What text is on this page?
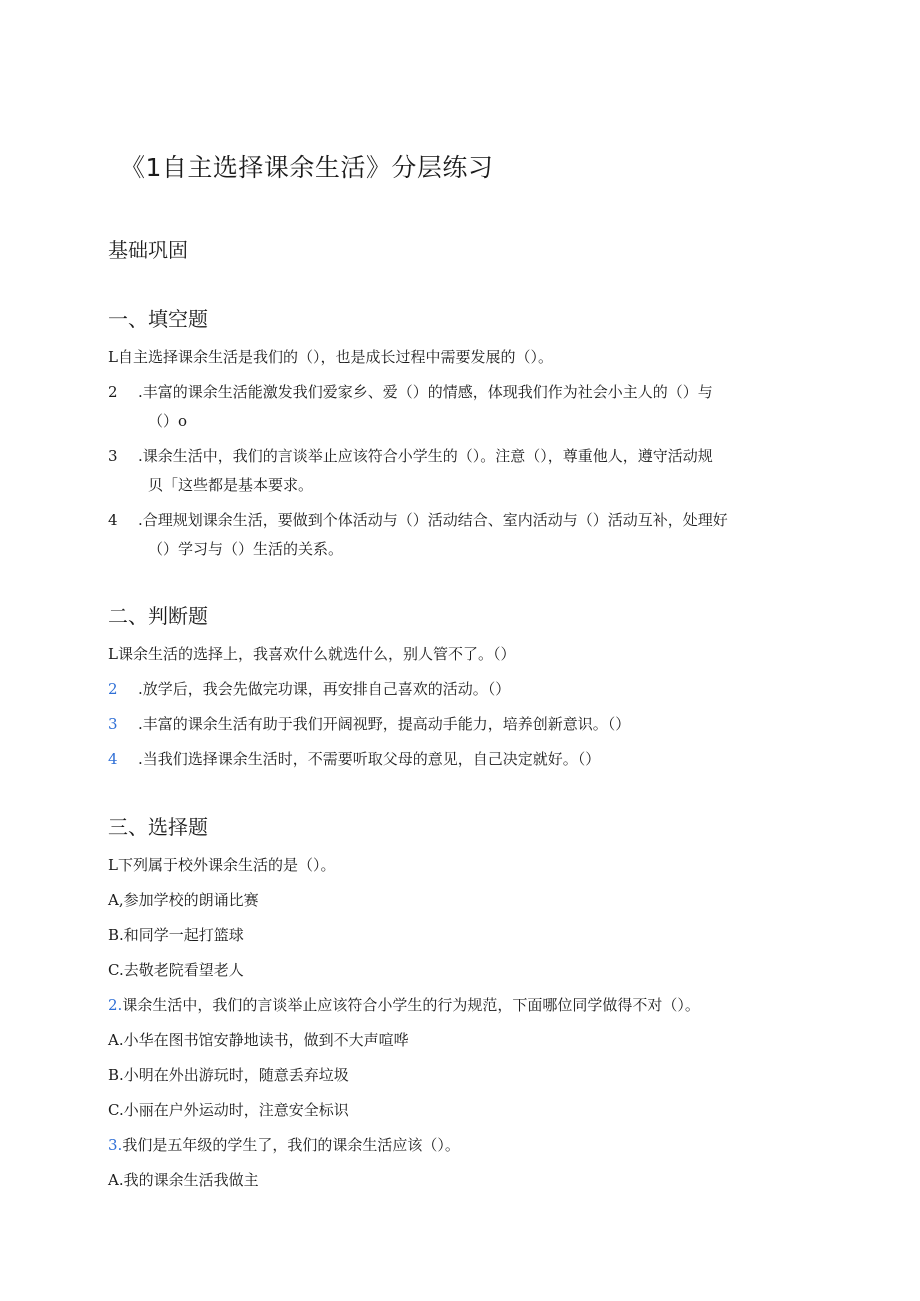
《1自主选择课余生活》分层练习
基础巩固
一、填空题
L自主选择课余生活是我们的（），也是成长过程中需要发展的（）。
2 .丰富的课余生活能激发我们爱家乡、爱（）的情感，体现我们作为社会小主人的（）与
（）o
3 .课余生活中，我们的言谈举止应该符合小学生的（）。注意（），尊重他人，遵守活动规
贝「这些都是基本要求。
4 .合理规划课余生活，要做到个体活动与（）活动结合、室内活动与（）活动互补，处理好
（）学习与（）生活的关系。
二、判断题
L课余生活的选择上，我喜欢什么就选什么，别人管不了。（）
2 .放学后，我会先做完功课，再安排自己喜欢的活动。（）
3 .丰富的课余生活有助于我们开阔视野，提高动手能力，培养创新意识。（）
4 .当我们选择课余生活时，不需要听取父母的意见，自己决定就好。（）
三、选择题
L下列属于校外课余生活的是（）。
A,参加学校的朗诵比赛
B.和同学一起打篮球
C.去敬老院看望老人
2.课余生活中，我们的言谈举止应该符合小学生的行为规范，下面哪位同学做得不对（）。
A.小华在图书馆安静地读书，做到不大声喧哗
B.小明在外出游玩时，随意丢弃垃圾
C.小丽在户外运动时，注意安全标识
3.我们是五年级的学生了，我们的课余生活应该（）。
A.我的课余生活我做主
